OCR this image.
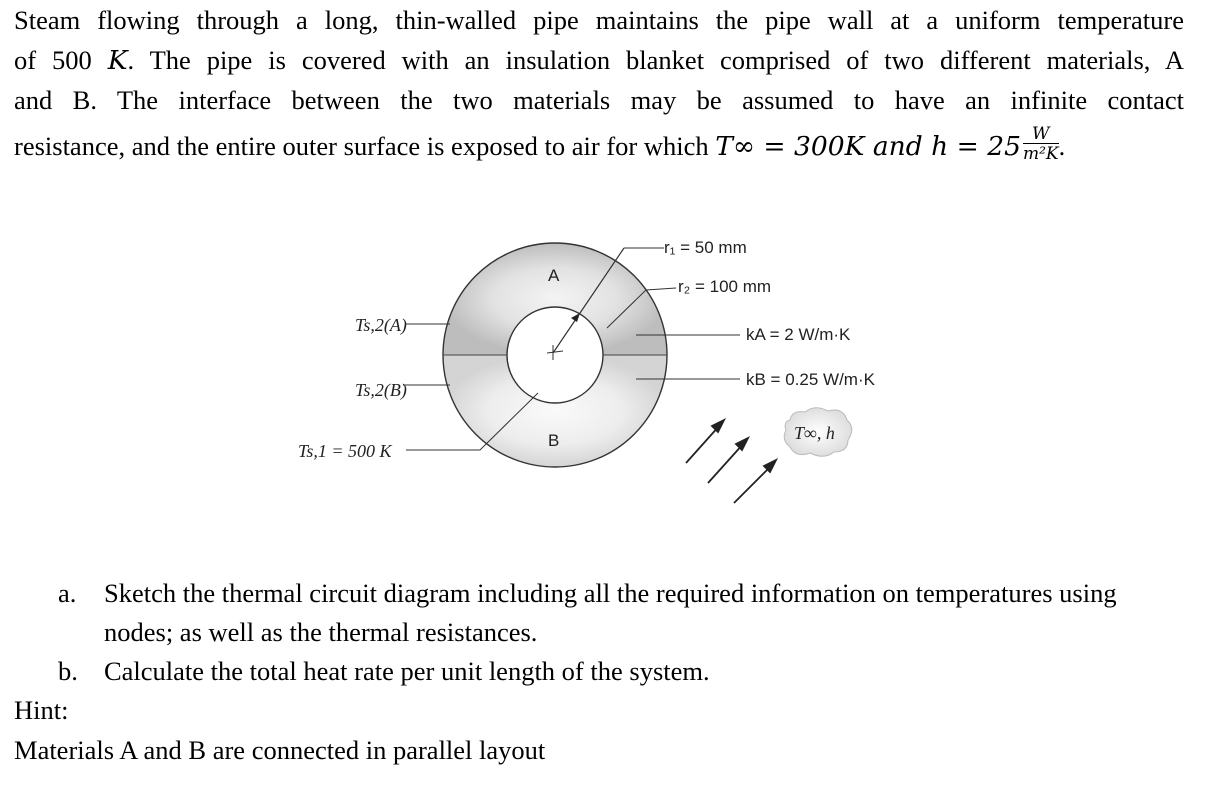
Steam flowing through a long, thin-walled pipe maintains the pipe wall at a uniform temperature
of 500 K. The pipe is covered with an insulation blanket comprised of two different materials, A
and B. The interface between the two materials may be assumed to have an infinite contact
resistance, and the entire outer surface is exposed to air for which T∞ = 300K and $h = 25 \frac{W}{\text{m²K}}$ .
A
B
r₁ = 50 mm
r₂ = 100 mm
kA = 2 W/m·K
kB = 0.25 W/m·K
Ts,2(A)
Ts,2(B)
Ts,1 = 500 K
T∞, h
a.	Sketch the thermal circuit diagram including all the required information on temperatures using nodes; as well as the thermal resistances.
b. Calculate the total heat rate per unit length of the system.
Hint:
Materials A and B are connected in parallel layout
